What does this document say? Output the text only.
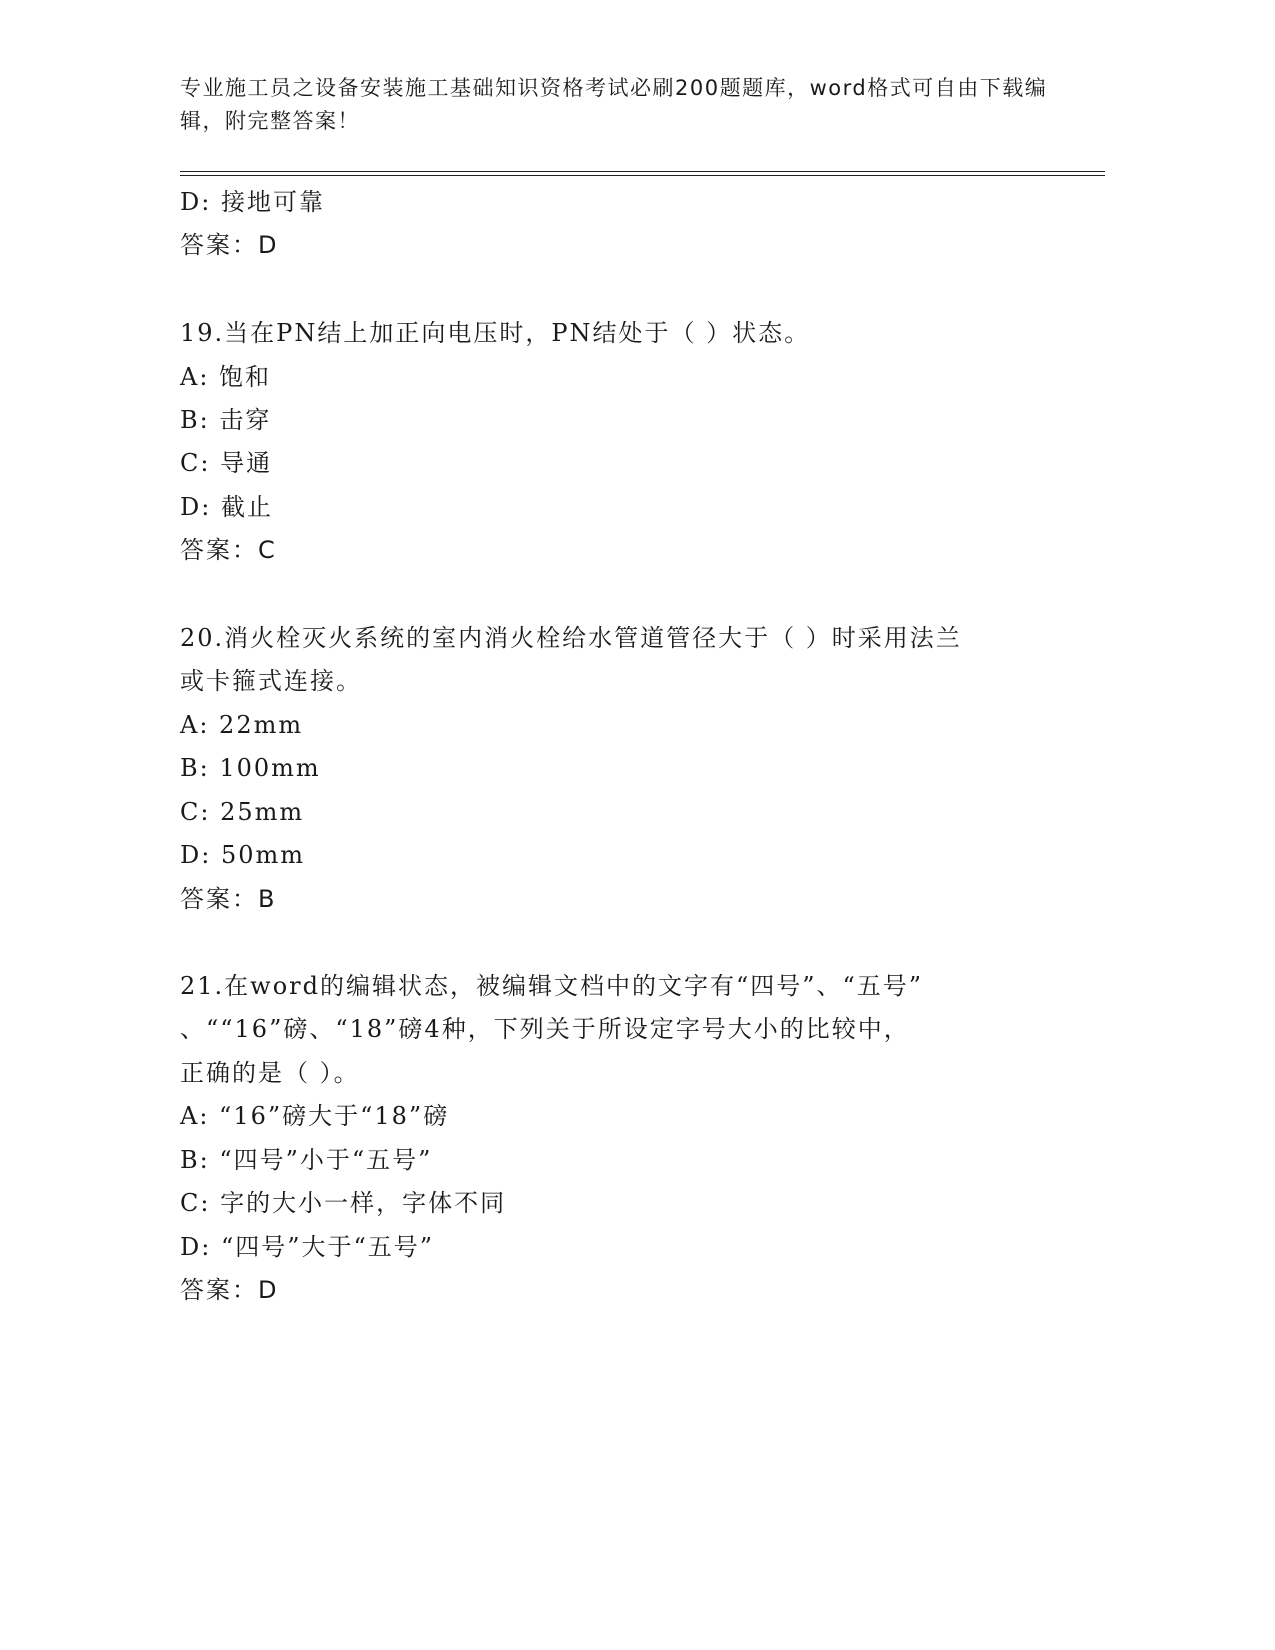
专业施工员之设备安装施工基础知识资格考试必刷200题题库，word格式可自由下载编辑，附完整答案！
D: 接地可靠
答案：D
19.当在PN结上加正向电压时，PN结处于（ ）状态。
A: 饱和
B: 击穿
C: 导通
D: 截止
答案：C
20.消火栓灭火系统的室内消火栓给水管道管径大于（ ）时采用法兰
或卡箍式连接。
A: 22mm
B: 100mm
C: 25mm
D: 50mm
答案：B
21.在word的编辑状态，被编辑文档中的文字有“四号”、“五号”
、““16”磅、“18”磅4种，下列关于所设定字号大小的比较中，
正确的是（ ）。
A: “16”磅大于“18”磅
B: “四号”小于“五号”
C: 字的大小一样，字体不同
D: “四号”大于“五号”
答案：D
